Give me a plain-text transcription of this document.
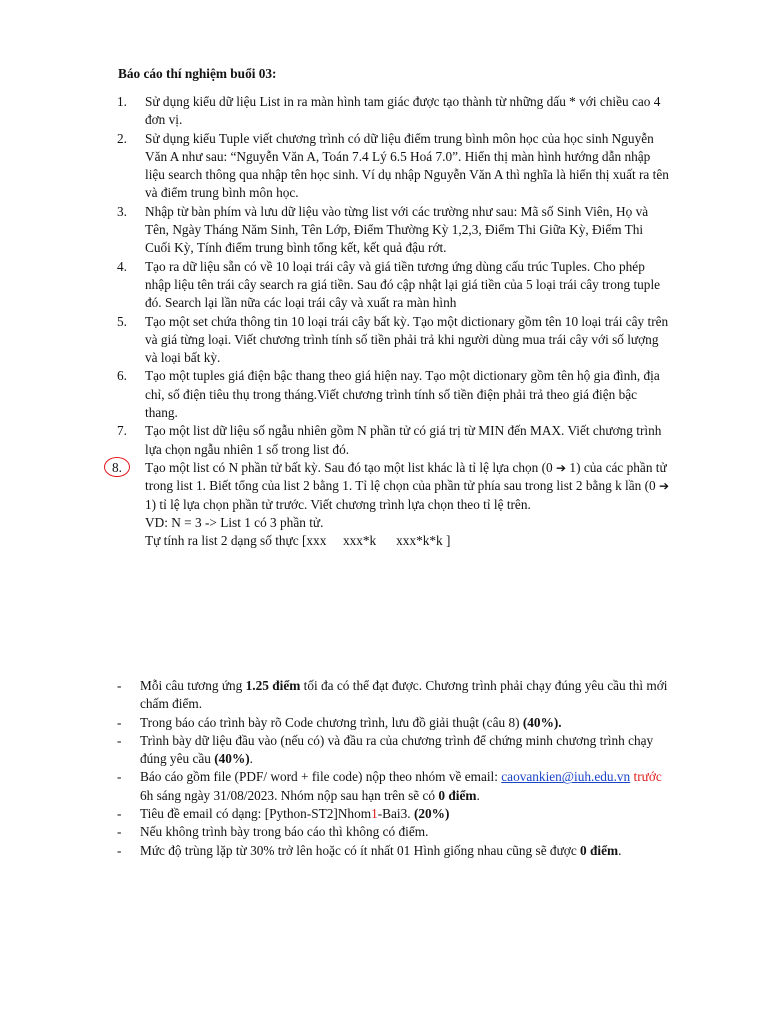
Báo cáo thí nghiệm buổi 03:
1.	Sử dụng kiểu dữ liệu List in ra màn hình tam giác được tạo thành từ những dấu * với chiều cao 4 đơn vị.
2.	Sử dụng kiểu Tuple viết chương trình có dữ liệu điểm trung bình môn học của học sinh Nguyễn Văn A như sau: “Nguyễn Văn A, Toán 7.4 Lý 6.5 Hoá 7.0”. Hiển thị màn hình hướng dẫn nhập liệu search thông qua nhập tên học sinh. Ví dụ nhập Nguyễn Văn A thì nghĩa là hiển thị xuất ra tên và điểm trung bình môn học.
3.	Nhập từ bàn phím và lưu dữ liệu vào từng list với các trường như sau: Mã số Sinh Viên, Họ và Tên, Ngày Tháng Năm Sinh, Tên Lớp, Điểm Thường Kỳ 1,2,3, Điểm Thi Giữa Kỳ, Điểm Thi Cuối Kỳ, Tính điểm trung bình tổng kết, kết quả đậu rớt.
4.	Tạo ra dữ liệu sẵn có về 10 loại trái cây và giá tiền tương ứng dùng cấu trúc Tuples. Cho phép nhập liệu tên trái cây search ra giá tiền. Sau đó cập nhật lại giá tiền của 5 loại trái cây trong tuple đó. Search lại lần nữa các loại trái cây và xuất ra màn hình
5.	Tạo một set chứa thông tin 10 loại trái cây bất kỳ. Tạo một dictionary gồm tên 10 loại trái cây trên và giá từng loại. Viết chương trình tính số tiền phải trả khi người dùng mua trái cây với số lượng và loại bất kỳ.
6.	Tạo một tuples giá điện bậc thang theo giá hiện nay. Tạo một dictionary gồm tên hộ gia đình, địa chỉ, số điện tiêu thụ trong tháng.Viết chương trình tính số tiền điện phải trả theo giá điện bậc thang.
7.	Tạo một list dữ liệu số ngẫu nhiên gồm N phần tử có giá trị từ MIN đến MAX. Viết chương trình lựa chọn ngẫu nhiên 1 số trong list đó.
8.	Tạo một list có N phần tử bất kỳ. Sau đó tạo một list khác là tỉ lệ lựa chọn (0 ➔ 1) của các phần tử trong list 1. Biết tổng của list 2 bằng 1. Tỉ lệ chọn của phần tử phía sau trong list 2 bằng k lần (0 ➔ 1) tỉ lệ lựa chọn phần tử trước. Viết chương trình lựa chọn theo tỉ lệ trên.
VD: N = 3 -> List 1 có 3 phần tử.
Tự tính ra list 2 dạng số thực [xxx     xxx*k      xxx*k*k ]
- Mỗi câu tương ứng 1.25 điểm tối đa có thể đạt được. Chương trình phải chạy đúng yêu cầu thì mới chấm điểm.
- Trong báo cáo trình bày rõ Code chương trình, lưu đồ giải thuật (câu 8) (40%).
- Trình bày dữ liệu đầu vào (nếu có) và đầu ra của chương trình để chứng minh chương trình chạy đúng yêu cầu (40%).
- Báo cáo gồm file (PDF/ word + file code) nộp theo nhóm về email: caovankien@iuh.edu.vn trước 6h sáng ngày 31/08/2023. Nhóm nộp sau hạn trên sẽ có 0 điểm.
- Tiêu đề email có dạng: [Python-ST2]Nhom1-Bai3. (20%)
- Nếu không trình bày trong báo cáo thì không có điểm.
- Mức độ trùng lặp từ 30% trở lên hoặc có ít nhất 01 Hình giống nhau cũng sẽ được 0 điểm.
